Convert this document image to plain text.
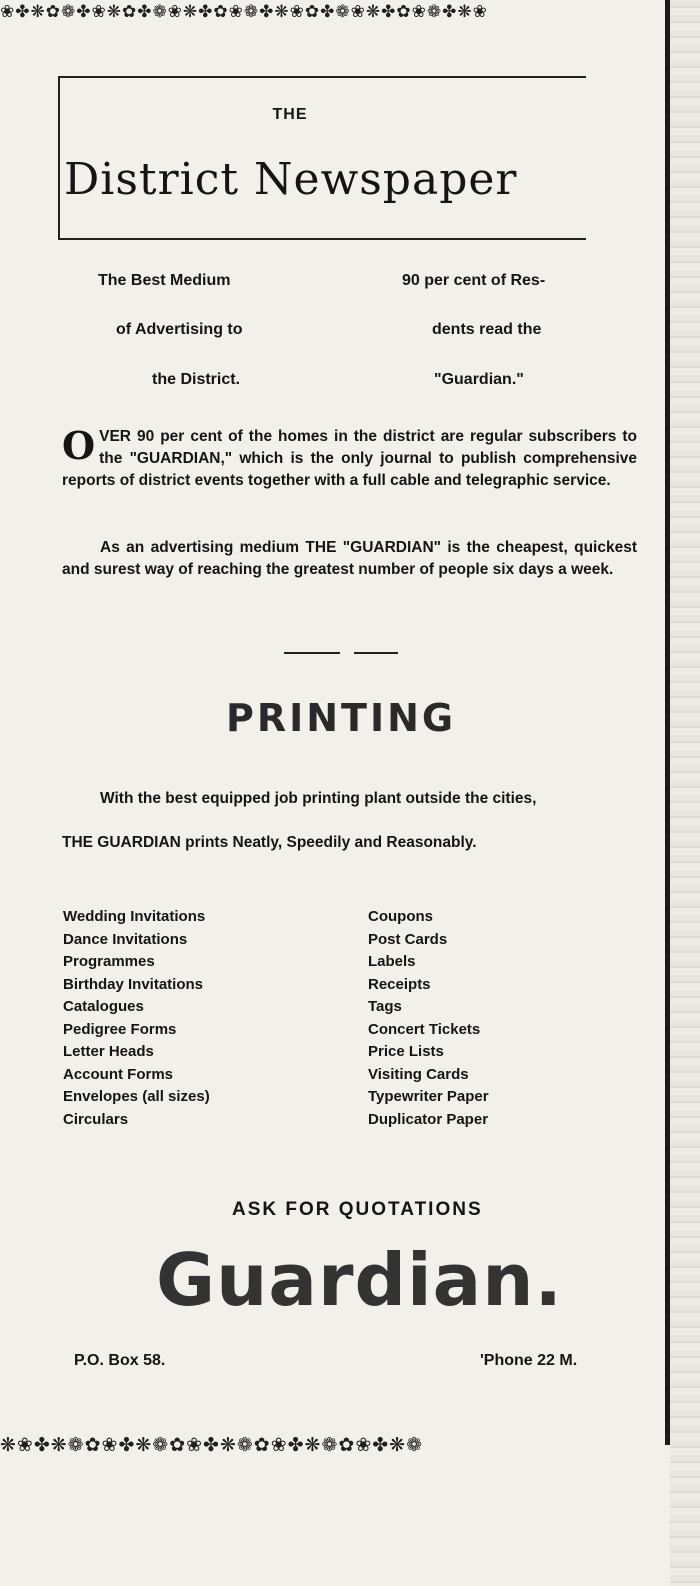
❀✤❋✿❁✤❀❋✿✤❁❀❋✤✿❀❁✤❋❀✿✤❁❀❋✤✿❀❁✤❋❀
THE
District Newspaper
The Best Medium
of Advertising to
the District.
90 per cent of Res-
dents read the
"Guardian."
OVER 90 per cent of the homes in the district are regular subscribers to the "GUARDIAN," which is the only journal to publish comprehensive reports of district events together with a full cable and telegraphic service.
As an advertising medium THE "GUARDIAN" is the cheapest, quickest and surest way of reaching the greatest number of people six days a week.
PRINTING
With the best equipped job printing plant outside the cities,
THE GUARDIAN prints Neatly, Speedily and Reasonably.
Wedding Invitations
Dance Invitations
Programmes
Birthday Invitations
Catalogues
Pedigree Forms
Letter Heads
Account Forms
Envelopes (all sizes)
Circulars
Coupons
Post Cards
Labels
Receipts
Tags
Concert Tickets
Price Lists
Visiting Cards
Typewriter Paper
Duplicator Paper
ASK FOR QUOTATIONS
Guardian.
P.O. Box 58.	'Phone 22 M.
❋❀✤❋❁✿❀✤❋❁✿❀✤❋❁✿❀✤❋❁✿❀✤❋❁
